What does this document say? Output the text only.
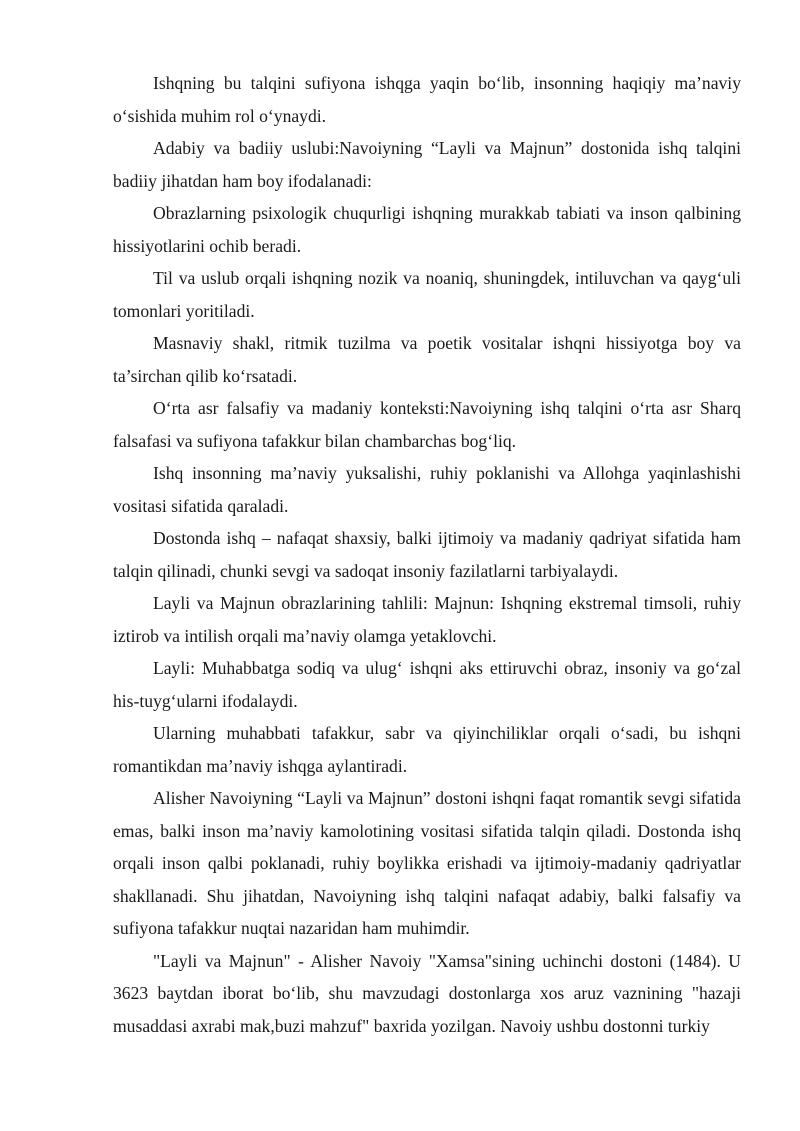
Ishqning bu talqini sufiyona ishqga yaqin bo‘lib, insonning haqiqiy ma’naviy o‘sishida muhim rol o‘ynaydi.

Adabiy va badiiy uslubi:Navoiyning “Layli va Majnun” dostonida ishq talqini badiiy jihatdan ham boy ifodalanadi:

Obrazlarning psixologik chuqurligi ishqning murakkab tabiati va inson qalbining hissiyotlarini ochib beradi.

Til va uslub orqali ishqning nozik va noaniq, shuningdek, intiluvchan va qayg‘uli tomonlari yoritiladi.

Masnaviy shakl, ritmik tuzilma va poetik vositalar ishqni hissiyotga boy va ta’sirchan qilib ko‘rsatadi.

O‘rta asr falsafiy va madaniy konteksti:Navoiyning ishq talqini o‘rta asr Sharq falsafasi va sufiyona tafakkur bilan chambarchas bog‘liq.

Ishq insonning ma’naviy yuksalishi, ruhiy poklanishi va Allohga yaqinlashishi vositasi sifatida qaraladi.

Dostonda ishq – nafaqat shaxsiy, balki ijtimoiy va madaniy qadriyat sifatida ham talqin qilinadi, chunki sevgi va sadoqat insoniy fazilatlarni tarbiyalaydi.

Layli va Majnun obrazlarining tahlili: Majnun: Ishqning ekstremal timsoli, ruhiy iztirob va intilish orqali ma’naviy olamga yetaklovchi.

Layli: Muhabbatga sodiq va ulug‘ ishqni aks ettiruvchi obraz, insoniy va go‘zal his-tuyg‘ularni ifodalaydi.

Ularning muhabbati tafakkur, sabr va qiyinchiliklar orqali o‘sadi, bu ishqni romantikdan ma’naviy ishqga aylantiradi.

Alisher Navoiyning “Layli va Majnun” dostoni ishqni faqat romantik sevgi sifatida emas, balki inson ma’naviy kamolotining vositasi sifatida talqin qiladi. Dostonda ishq orqali inson qalbi poklanadi, ruhiy boylikka erishadi va ijtimoiy-madaniy qadriyatlar shakllanadi. Shu jihatdan, Navoiyning ishq talqini nafaqat adabiy, balki falsafiy va sufiyona tafakkur nuqtai nazaridan ham muhimdir.

"Layli va Majnun" - Alisher Navoiy "Xamsa"sining uchinchi dostoni (1484). U 3623 baytdan iborat bo‘lib, shu mavzudagi dostonlarga xos aruz vaznining "hazaji musaddasi axrabi mak,buzi mahzuf" baxrida yozilgan. Navoiy ushbu dostonni turkiy
